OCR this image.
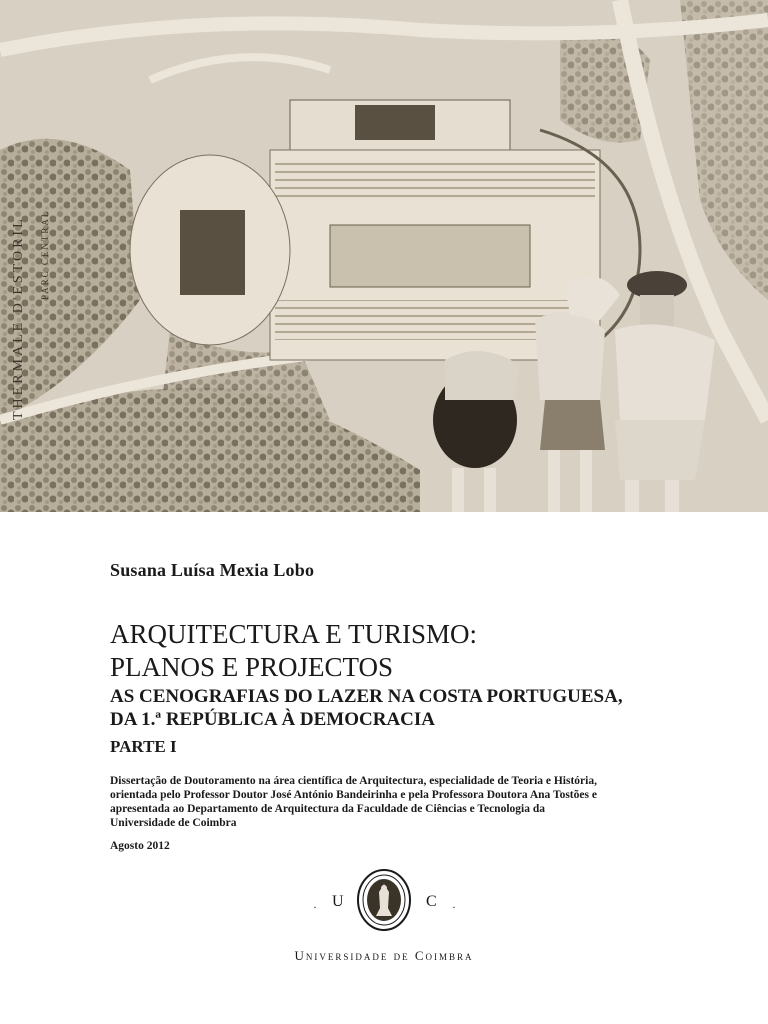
THERMALE D'ESTORIL PARC CENTRAL
Susana Luísa Mexia Lobo
ARQUITECTURA E TURISMO:
PLANOS E PROJECTOS
AS CENOGRAFIAS DO LAZER NA COSTA PORTUGUESA,
DA 1.ª REPÚBLICA À DEMOCRACIA
PARTE I

Dissertação de Doutoramento na área científica de Arquitectura, especialidade de Teoria e História,
orientada pelo Professor Doutor José António Bandeirinha e pela Professora Doutora Ana Tostões e
apresentada ao Departamento de Arquitectura da Faculdade de Ciências e Tecnologia da
Universidade de Coimbra

Agosto 2012
· U	C ·
Universidade de Coimbra
